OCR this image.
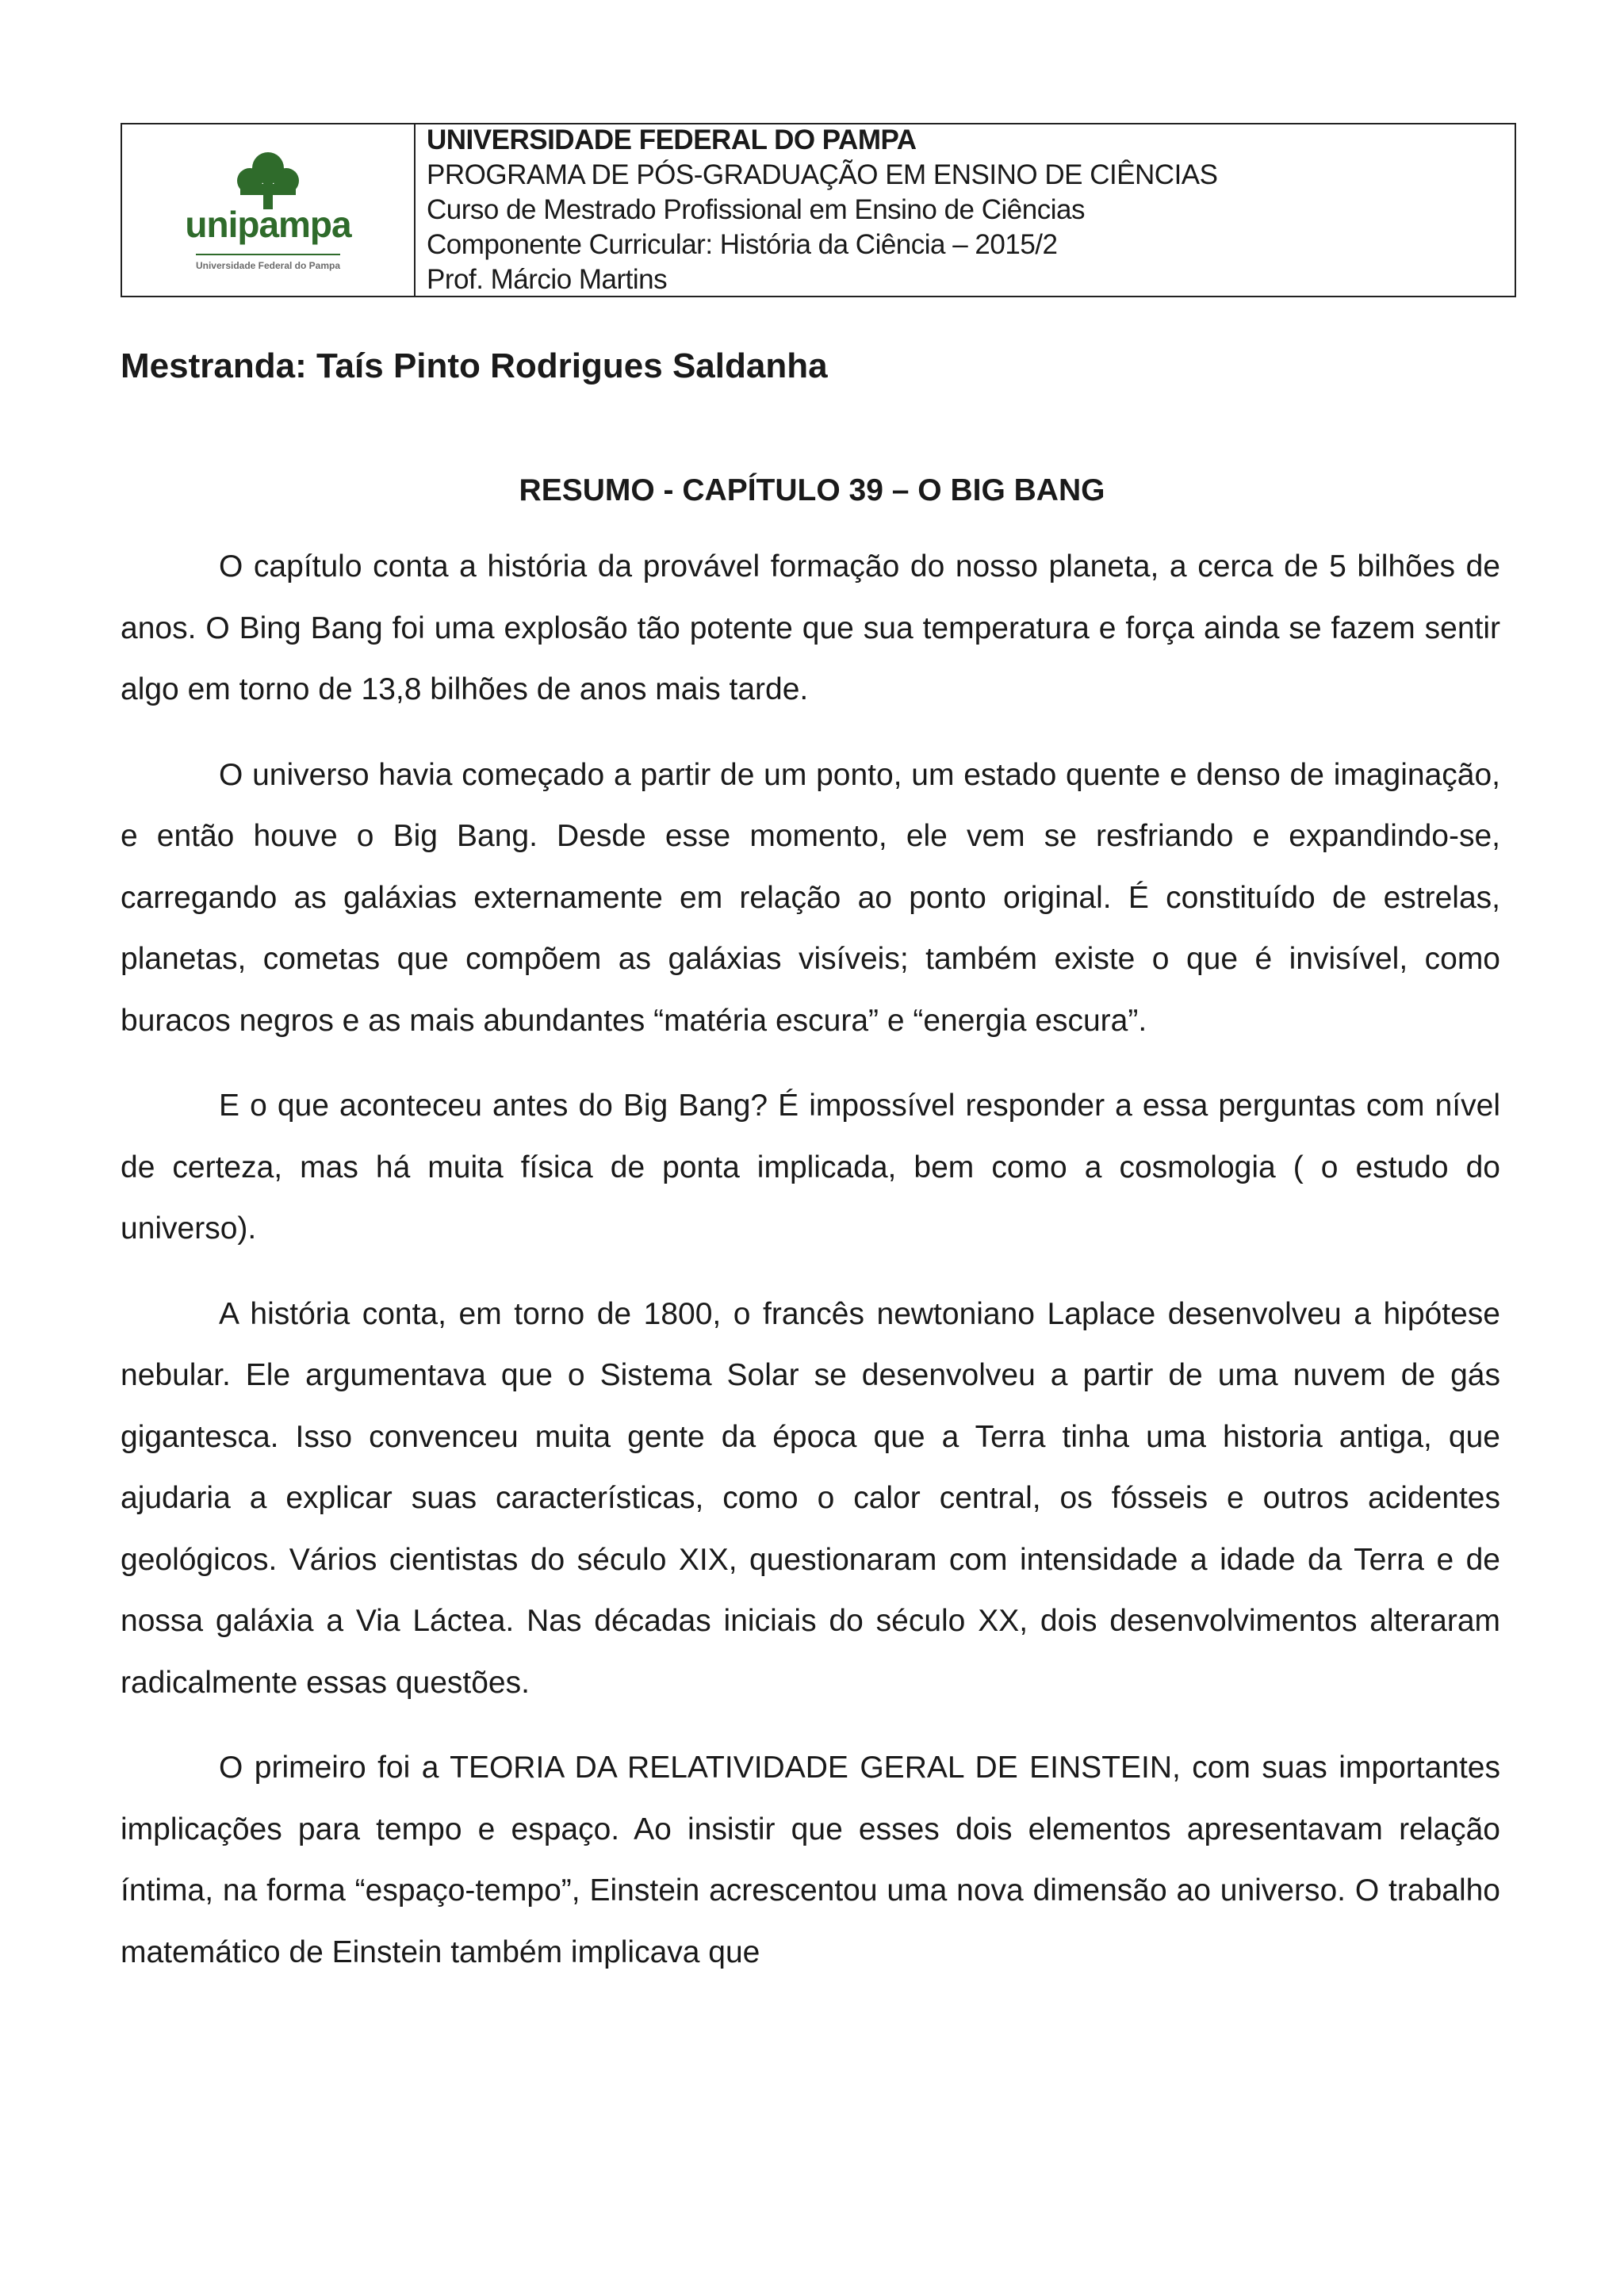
unipampa
Universidade Federal do Pampa
UNIVERSIDADE FEDERAL DO PAMPA
PROGRAMA DE PÓS-GRADUAÇÃO EM ENSINO DE CIÊNCIAS
Curso de Mestrado Profissional em Ensino de Ciências
Componente Curricular: História da Ciência – 2015/2
Prof. Márcio Martins
Mestranda: Taís Pinto Rodrigues Saldanha
RESUMO - CAPÍTULO 39 – O BIG BANG

O capítulo conta a história da provável formação do nosso planeta, a cerca de 5 bilhões de anos. O Bing Bang foi uma explosão tão potente que sua temperatura e força ainda se fazem sentir algo em torno de 13,8 bilhões de anos mais tarde.

O universo havia começado a partir de um ponto, um estado quente e denso de imaginação, e então houve o Big Bang. Desde esse momento, ele vem se resfriando e expandindo-se, carregando as galáxias externamente em relação ao ponto original. É constituído de estrelas, planetas, cometas que compõem as galáxias visíveis; também existe o que é invisível, como buracos negros e as mais abundantes “matéria escura” e “energia escura”.

E o que aconteceu antes do Big Bang? É impossível responder a essa perguntas com nível de certeza, mas há muita física de ponta implicada, bem como a cosmologia ( o estudo do universo).

A história conta, em torno de 1800, o francês newtoniano Laplace desenvolveu a hipótese nebular. Ele argumentava que o Sistema Solar se desenvolveu a partir de uma nuvem de gás gigantesca. Isso convenceu muita gente da época que a Terra tinha uma historia antiga, que ajudaria a explicar suas características, como o calor central, os fósseis e outros acidentes geológicos. Vários cientistas do século XIX, questionaram com intensidade a idade da Terra e de nossa galáxia a Via Láctea. Nas décadas iniciais do século XX, dois desenvolvimentos alteraram radicalmente essas questões.

O primeiro foi a TEORIA DA RELATIVIDADE GERAL DE EINSTEIN, com suas importantes implicações para tempo e espaço. Ao insistir que esses dois elementos apresentavam relação íntima, na forma “espaço-tempo”, Einstein acrescentou uma nova dimensão ao universo. O trabalho matemático de Einstein também implicava que
